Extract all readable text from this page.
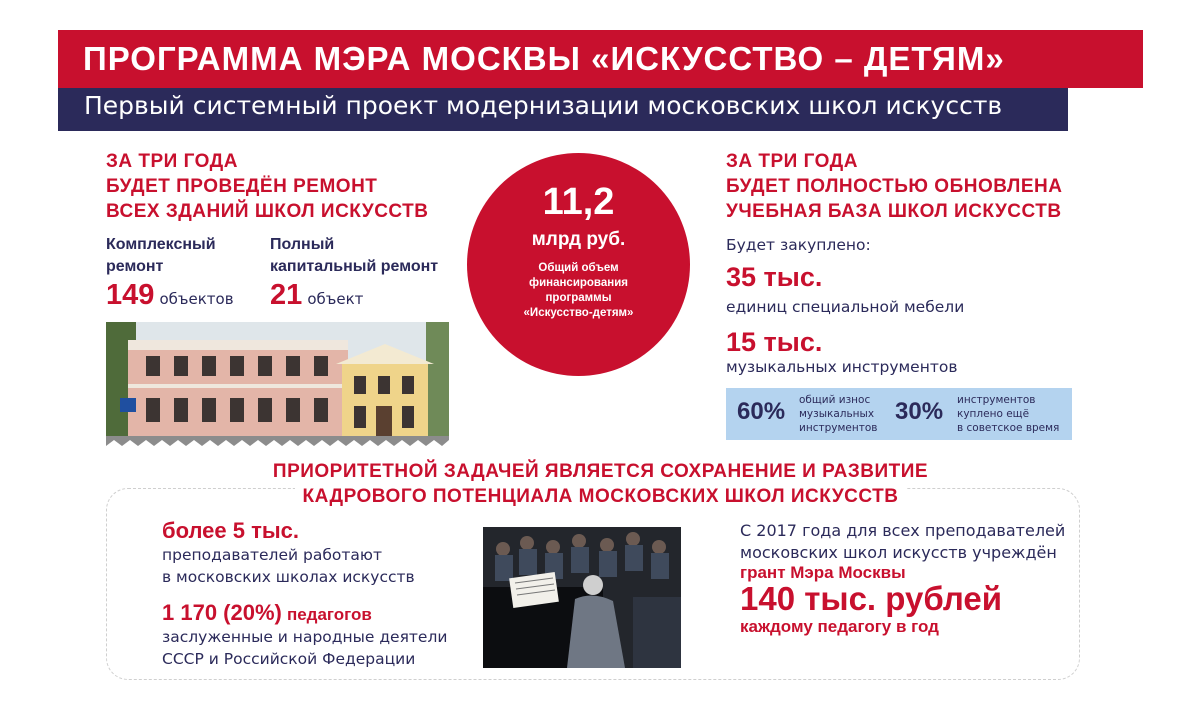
ПРОГРАММА МЭРА МОСКВЫ «ИСКУССТВО – ДЕТЯМ»
Первый системный проект модернизации московских школ искусств
ЗА ТРИ ГОДА
БУДЕТ ПРОВЕДЁН РЕМОНТ
ВСЕХ ЗДАНИЙ ШКОЛ ИСКУССТВ
Комплексный
ремонт
149 объектов
Полный
капитальный ремонт
21 объект
11,2
млрд руб.
Общий объем
финансирования
программы
«Искусство-детям»
ЗА ТРИ ГОДА
БУДЕТ ПОЛНОСТЬЮ ОБНОВЛЕНА
УЧЕБНАЯ БАЗА ШКОЛ ИСКУССТВ
Будет закуплено:
35 тыс.
единиц специальной мебели
15 тыс.
музыкальных инструментов
60% общий износ
музыкальных
инструментов
30% инструментов
куплено ещё
в советское время
ПРИОРИТЕТНОЙ ЗАДАЧЕЙ ЯВЛЯЕТСЯ СОХРАНЕНИЕ И РАЗВИТИЕ
КАДРОВОГО ПОТЕНЦИАЛА МОСКОВСКИХ ШКОЛ ИСКУССТВ
более 5 тыс.
преподавателей работают
в московских школах искусств
1 170 (20%) педагогов
заслуженные и народные деятели
СССР и Российской Федерации
С 2017 года для всех преподавателей
московских школ искусств учреждён
грант Мэра Москвы
140 тыс. рублей
каждому педагогу в год
